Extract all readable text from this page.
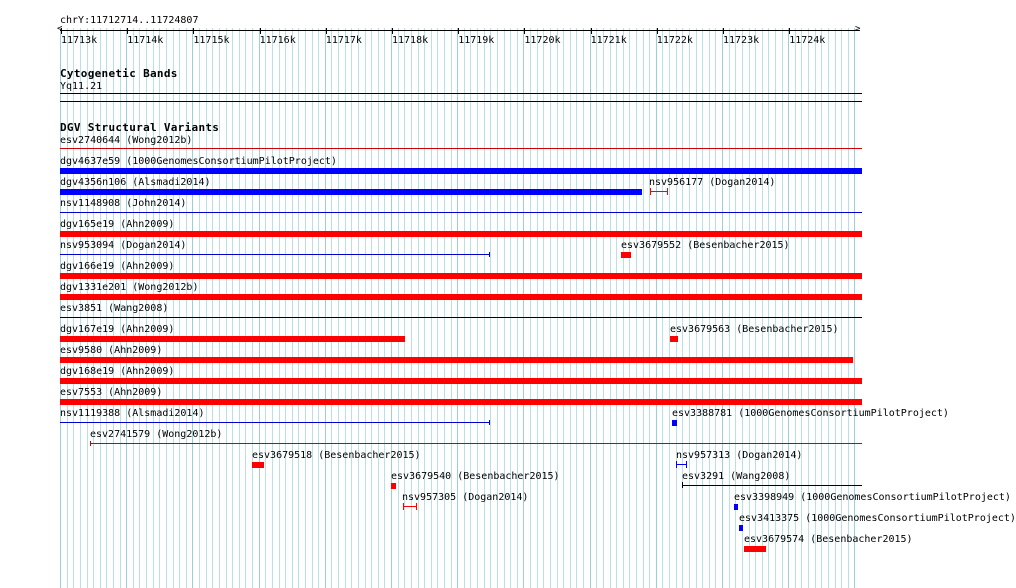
chrY:11712714..11724807
<	>
11713k	11714k	11715k	11716k	11717k	11718k	11719k	11720k	11721k	11722k	11723k	11724k
Cytogenetic Bands
Yq11.21
DGV Structural Variants
esv2740644 (Wong2012b)
dgv4637e59 (1000GenomesConsortiumPilotProject)
dgv4356n106 (Alsmadi2014)	nsv956177 (Dogan2014)
nsv1148908 (John2014)
dgv165e19 (Ahn2009)
nsv953094 (Dogan2014)	esv3679552 (Besenbacher2015)
dgv166e19 (Ahn2009)
dgv1331e201 (Wong2012b)
esv3851 (Wang2008)
dgv167e19 (Ahn2009)	esv3679563 (Besenbacher2015)
esv9580 (Ahn2009)
dgv168e19 (Ahn2009)
esv7553 (Ahn2009)
nsv1119388 (Alsmadi2014)	esv3388781 (1000GenomesConsortiumPilotProject)
esv2741579 (Wong2012b)
esv3679518 (Besenbacher2015)	nsv957313 (Dogan2014)
esv3679540 (Besenbacher2015)	esv3291 (Wang2008)
nsv957305 (Dogan2014)	esv3398949 (1000GenomesConsortiumPilotProject)
esv3413375 (1000GenomesConsortiumPilotProject)
esv3679574 (Besenbacher2015)
